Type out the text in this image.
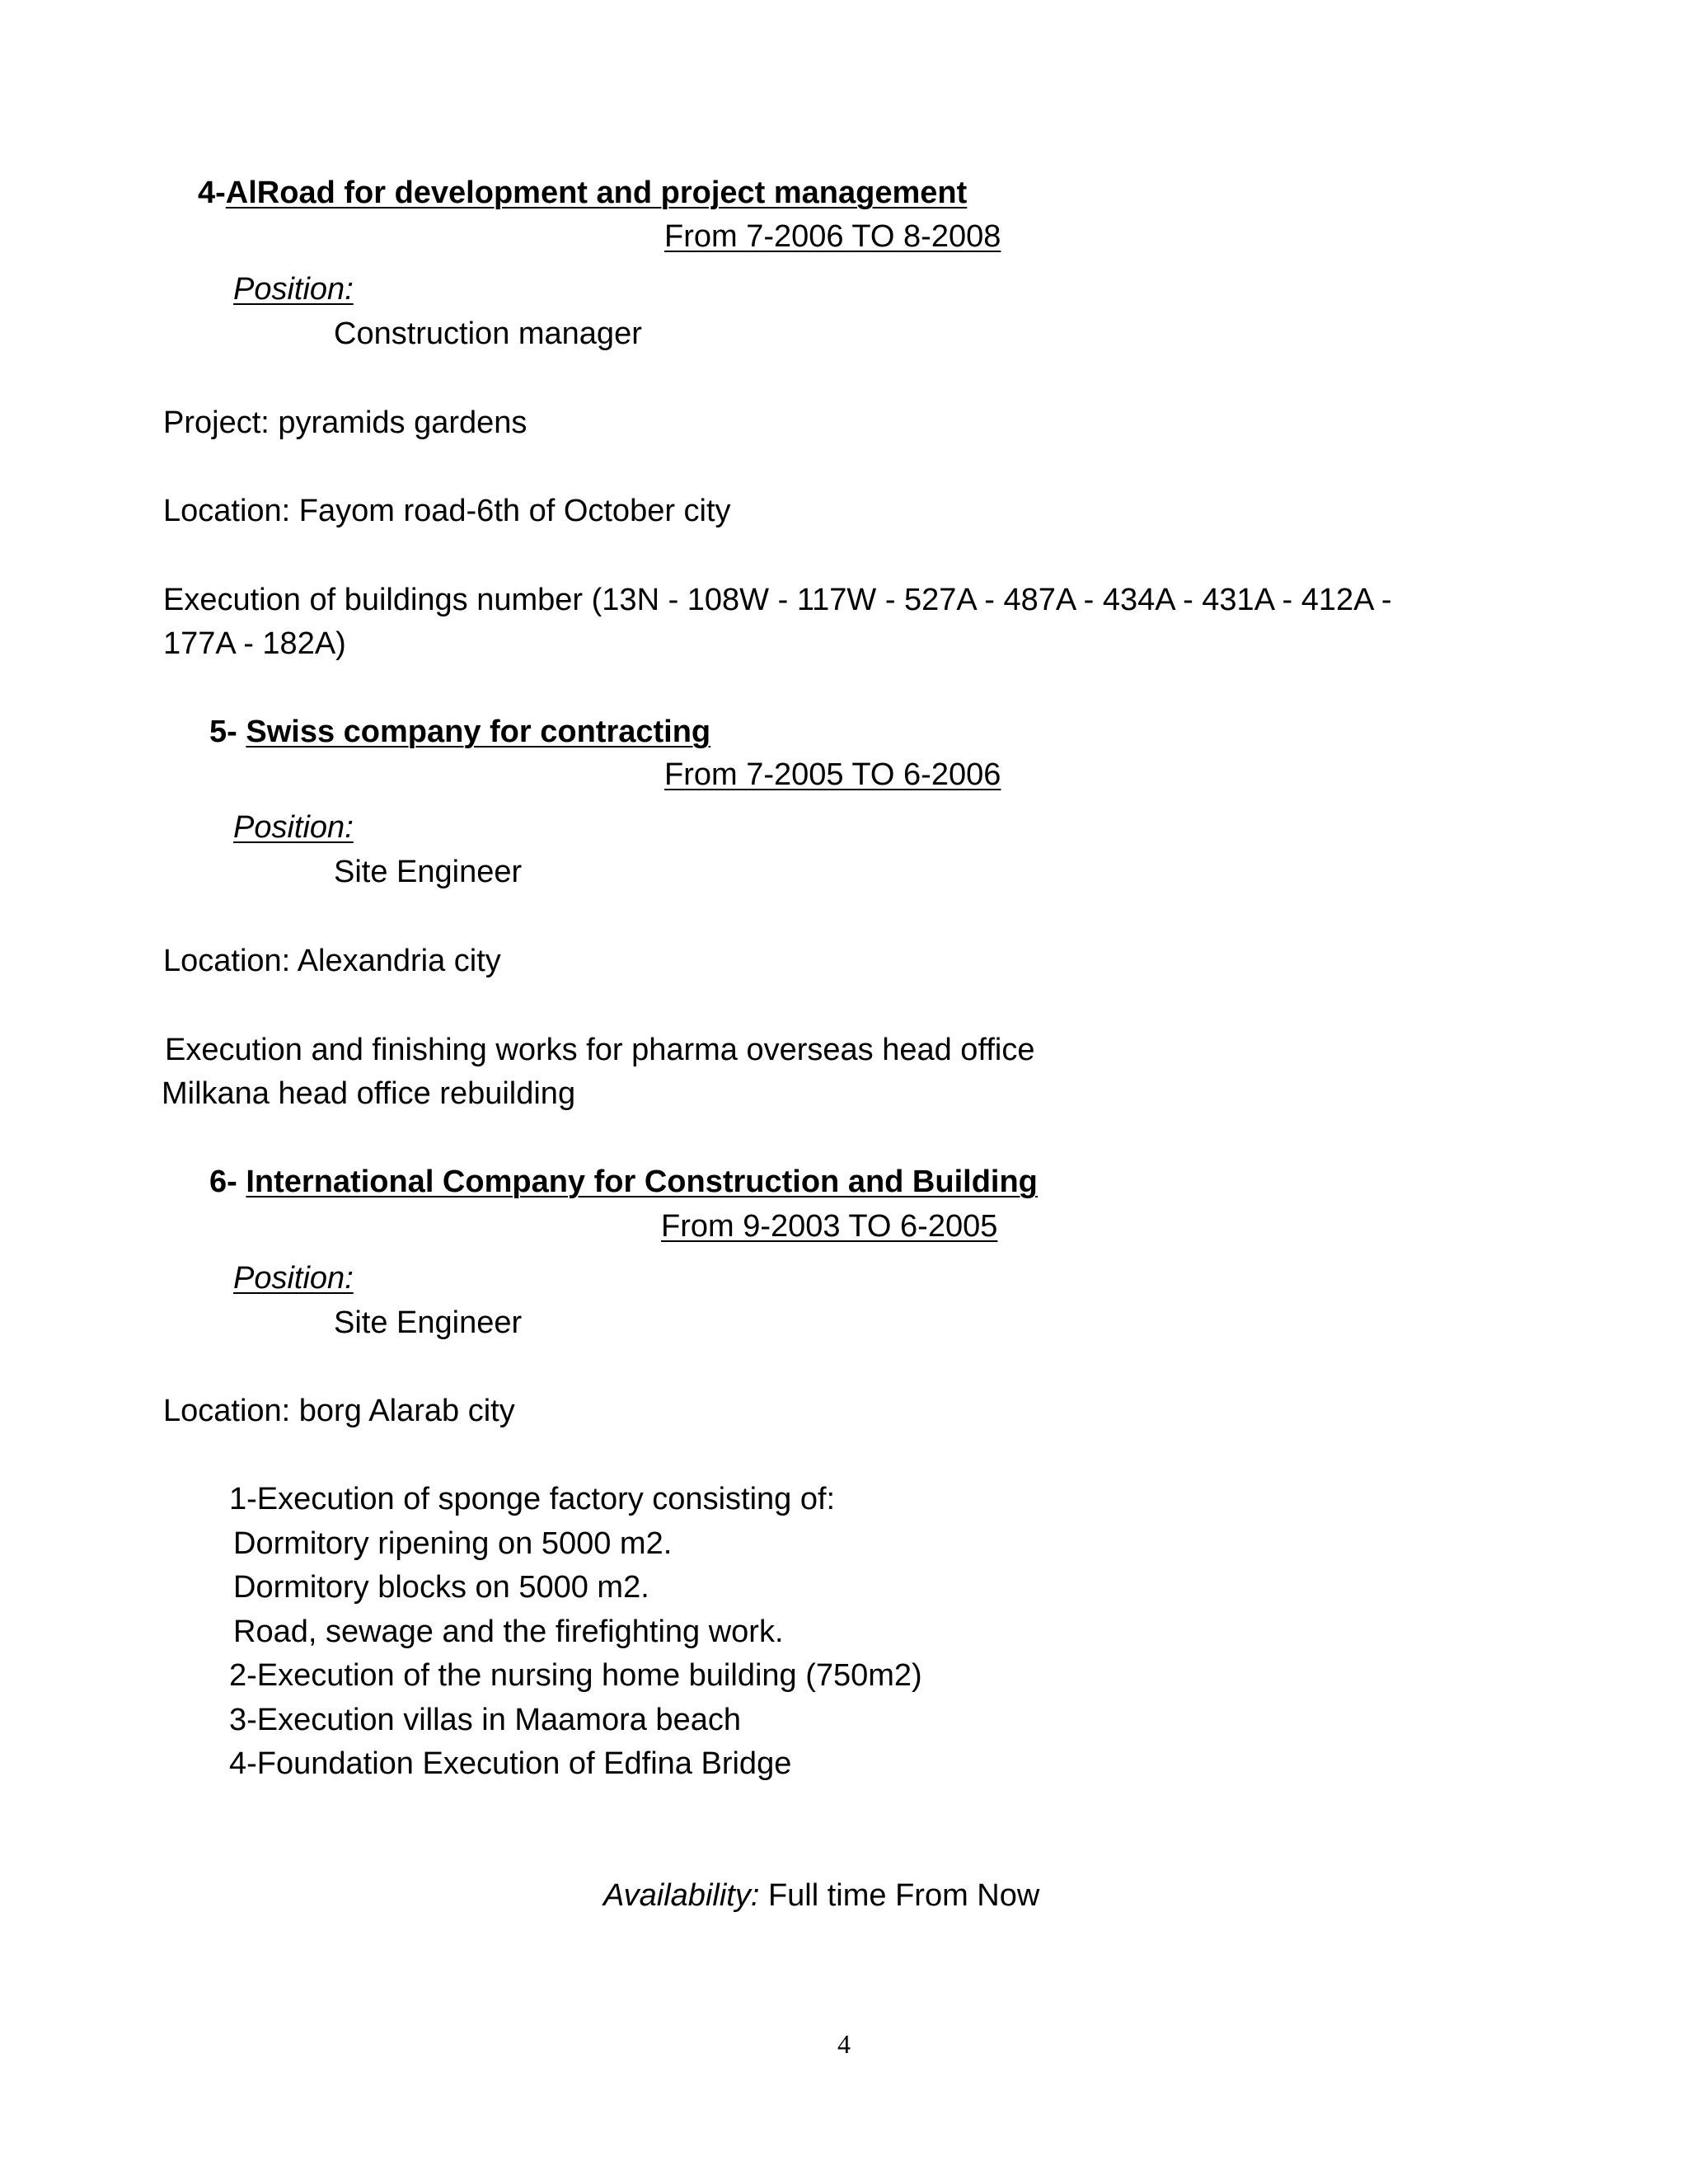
4-AlRoad for development and project management
From 7-2006 TO 8-2008
Position:
Construction manager
Project: pyramids gardens
Location: Fayom road-6th of October city
Execution of buildings number (13N - 108W - 117W - 527A - 487A - 434A - 431A - 412A -
177A - 182A)
5- Swiss company for contracting
From 7-2005 TO 6-2006
Position:
Site Engineer
Location: Alexandria city
Execution and finishing works for pharma overseas head office
Milkana head office rebuilding
6- International Company for Construction and Building
From 9-2003 TO 6-2005
Position:
Site Engineer
Location: borg Alarab city
1-Execution of sponge factory consisting of:
Dormitory ripening on 5000 m2.
Dormitory blocks on 5000 m2.
Road, sewage and the firefighting work.
2-Execution of the nursing home building (750m2)
3-Execution villas in Maamora beach
4-Foundation Execution of Edfina Bridge
Availability: Full time From Now
4
